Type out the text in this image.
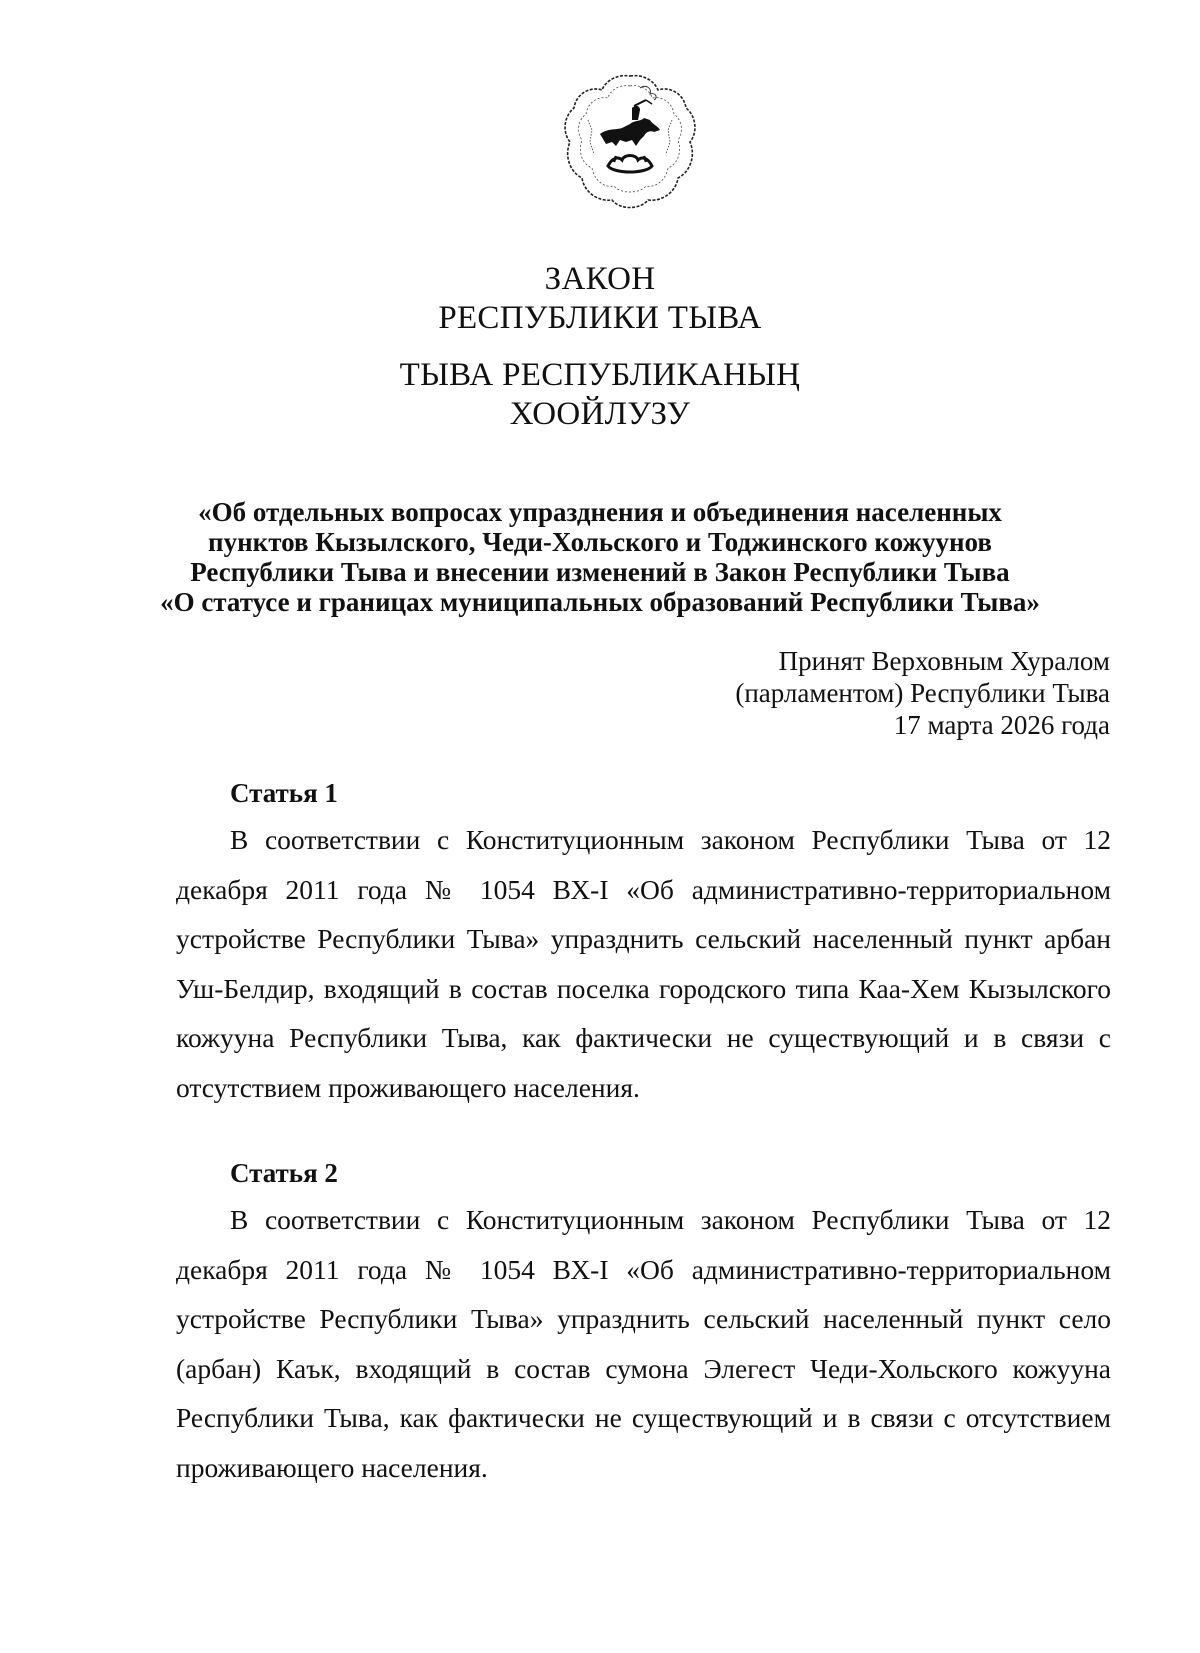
ЗАКОН
РЕСПУБЛИКИ ТЫВА
ТЫВА РЕСПУБЛИКАНЫҢ
ХООЙЛУЗУ
«Об отдельных вопросах упразднения и объединения населенных
пунктов Кызылского, Чеди-Хольского и Тоджинского кожуунов
Республики Тыва и внесении изменений в Закон Республики Тыва
«О статусе и границах муниципальных образований Республики Тыва»
Принят Верховным Хуралом
(парламентом) Республики Тыва
17 марта 2026 года
Статья 1

В соответствии с Конституционным законом Республики Тыва от 12 декабря 2011 года № 1054 ВХ-I «Об административно-территориальном устройстве Республики Тыва» упразднить сельский населенный пункт арбан Уш-Белдир, входящий в состав поселка городского типа Каа-Хем Кызылского кожууна Республики Тыва, как фактически не существующий и в связи с отсутствием проживающего населения.

Статья 2

В соответствии с Конституционным законом Республики Тыва от 12 декабря 2011 года № 1054 ВХ-I «Об административно-территориальном устройстве Республики Тыва» упразднить сельский населенный пункт село (арбан) Каък, входящий в состав сумона Элегест Чеди-Хольского кожууна Республики Тыва, как фактически не существующий и в связи с отсутствием проживающего населения.
